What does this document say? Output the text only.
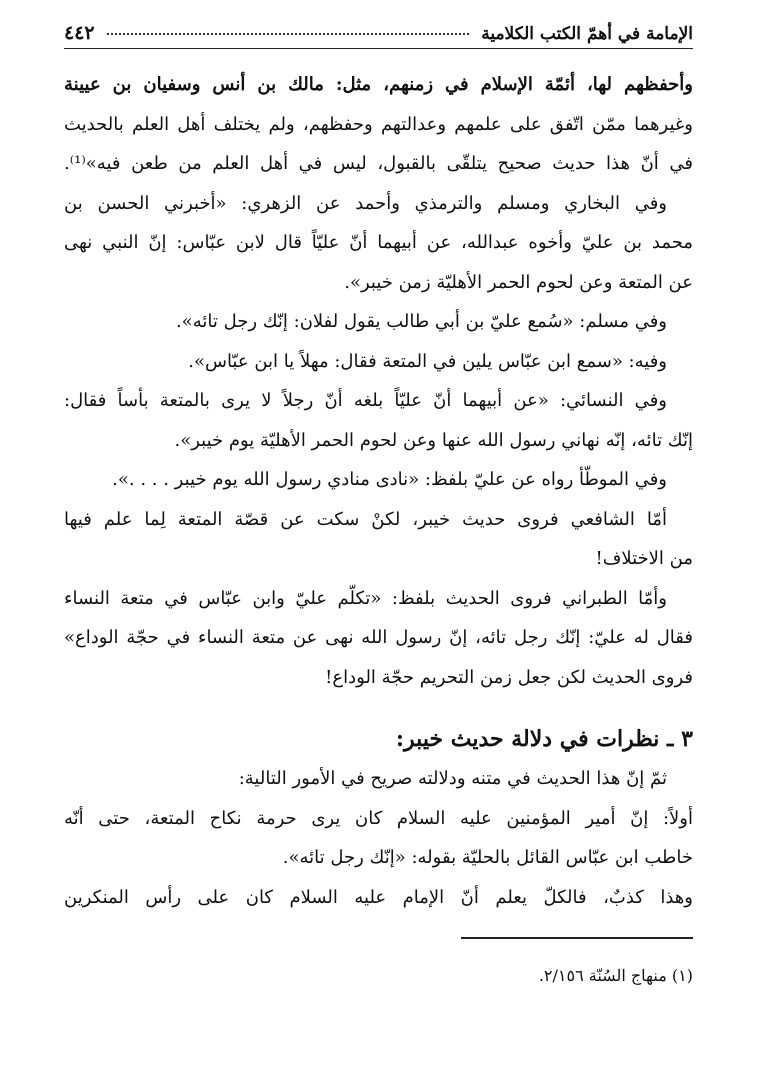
الإمامة في أهمّ الكتب الكلامية
٤٤٢
وأحفظهم لها، أئمّة الإسلام في زمنهم، مثل: مالك بن أنس وسفيان بن عيينة
وغيرهما ممّن اتّفق على علمهم وعدالتهم وحفظهم، ولم يختلف أهل العلم بالحديث
في أنّ هذا حديث صحيح يتلقّى بالقبول، ليس في أهل العلم من طعن فيه»⁽¹⁾.
وفي البخاري ومسلم والترمذي وأحمد عن الزهري: «أخبرني الحسن بن
محمد بن عليّ وأخوه عبدالله، عن أبيهما أنّ عليّاً قال لابن عبّاس: إنّ النبي نهى
عن المتعة وعن لحوم الحمر الأهليّة زمن خيبر».
وفي مسلم: «سُمع عليّ بن أبي طالب يقول لفلان: إنّك رجل تائه».
وفيه: «سمع ابن عبّاس يلين في المتعة فقال: مهلاً يا ابن عبّاس».
وفي النسائي: «عن أبيهما أنّ عليّاً بلغه أنّ رجلاً لا يرى بالمتعة بأساً فقال:
إنّك تائه، إنّه نهاني رسول الله عنها وعن لحوم الحمر الأهليّة يوم خيبر».
وفي الموطّأ رواه عن عليّ بلفظ: «نادى منادي رسول الله يوم خيبر . . . .».
أمّا الشافعي فروى حديث خيبر، لكنْ سكت عن قصّة المتعة لِما علم فيها
من الاختلاف!
وأمّا الطبراني فروى الحديث بلفظ: «تكلّم عليّ وابن عبّاس في متعة النساء
فقال له عليّ: إنّك رجل تائه، إنّ رسول الله نهى عن متعة النساء في حجّة الوداع»
فروى الحديث لكن جعل زمن التحريم حجّة الوداع!
٣ ـ نظرات في دلالة حديث خيبر:
ثمّ إنّ هذا الحديث في متنه ودلالته صريح في الأمور التالية:
أولاً: إنّ أمير المؤمنين عليه السلام كان يرى حرمة نكاح المتعة، حتى أنّه
خاطب ابن عبّاس القائل بالحليّة بقوله: «إنّك رجل تائه».
وهذا كذبٌ، فالكلّ يعلم أنّ الإمام عليه السلام كان على رأس المنكرين
(١) منهاج السُنّة ٢/١٥٦.
